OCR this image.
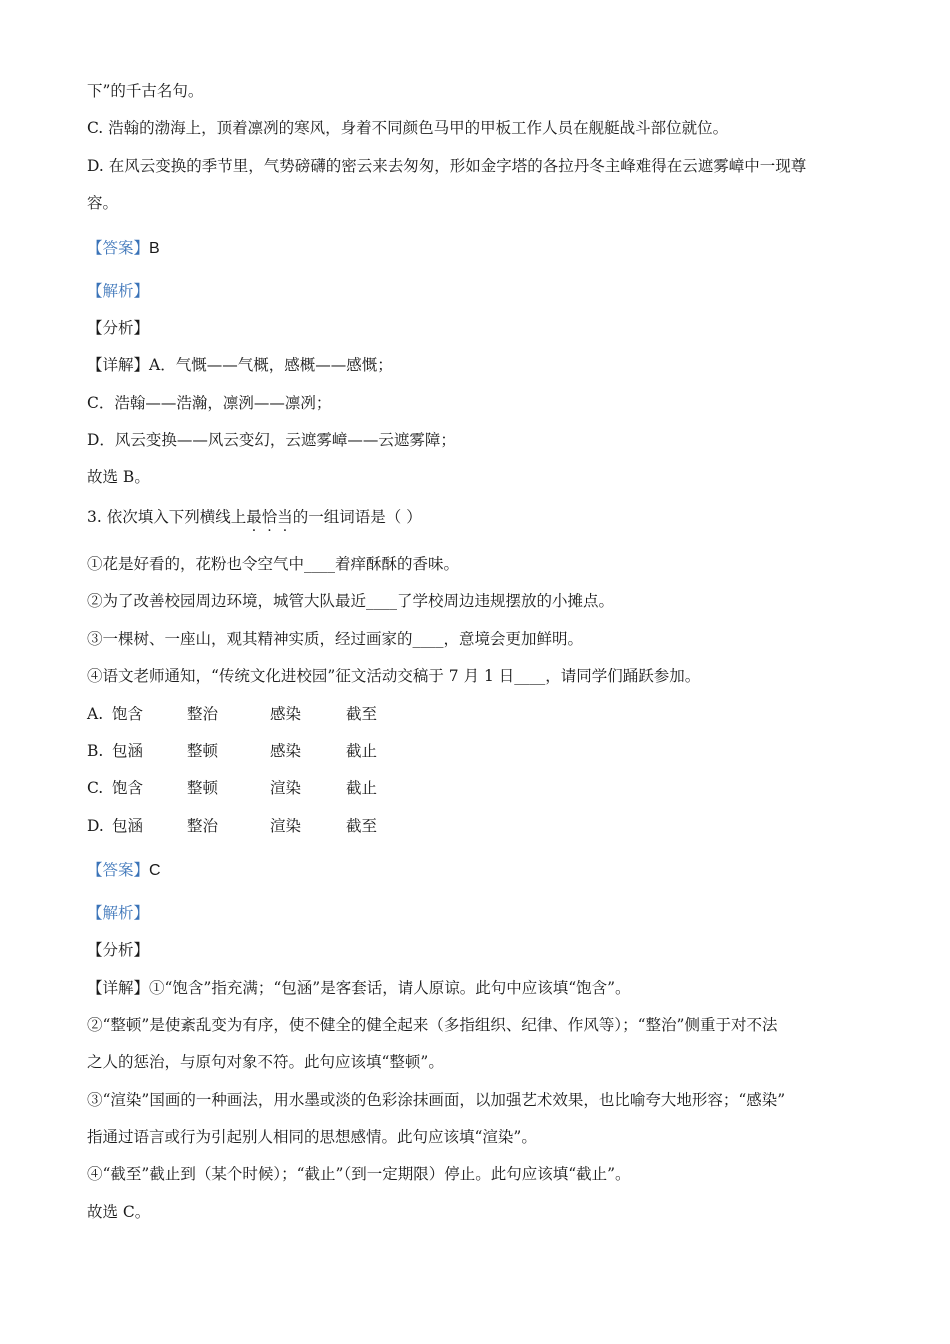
下”的千古名句。
C. 浩翰的渤海上，顶着凛冽的寒风，身着不同颜色马甲的甲板工作人员在舰艇战斗部位就位。
D. 在风云变换的季节里，气势磅礴的密云来去匆匆，形如金字塔的各拉丹冬主峰难得在云遮雾嶂中一现尊
容。
【答案】B
【解析】
【分析】
【详解】A．气慨——气概，感概——感慨；
C．浩翰——浩瀚，凛洌——凛冽；
D．风云变换——风云变幻，云遮雾嶂——云遮雾障；
故选 B。
3. 依次填入下列横线上最恰当的一组词语是（ ）
①花是好看的，花粉也令空气中____着痒酥酥的香味。
②为了改善校园周边环境，城管大队最近____了学校周边违规摆放的小摊点。
③一棵树、一座山，观其精神实质，经过画家的____，意境会更加鲜明。
④语文老师通知，“传统文化进校园”征文活动交稿于 7 月 1 日____，请同学们踊跃参加。
A. 饱含	整治	感染	截至
B. 包涵	整顿	感染	截止
C. 饱含	整顿	渲染	截止
D. 包涵	整治	渲染	截至
【答案】C
【解析】
【分析】
【详解】①“饱含”指充满；“包涵”是客套话，请人原谅。此句中应该填“饱含”。
②“整顿”是使紊乱变为有序，使不健全的健全起来（多指组织、纪律、作风等）；“整治”侧重于对不法
之人的惩治，与原句对象不符。此句应该填“整顿”。
③“渲染”国画的一种画法，用水墨或淡的色彩涂抹画面，以加强艺术效果，也比喻夸大地形容；“感染”
指通过语言或行为引起别人相同的思想感情。此句应该填“渲染”。
④“截至”截止到（某个时候）；“截止”（到一定期限）停止。此句应该填“截止”。
故选 C。
